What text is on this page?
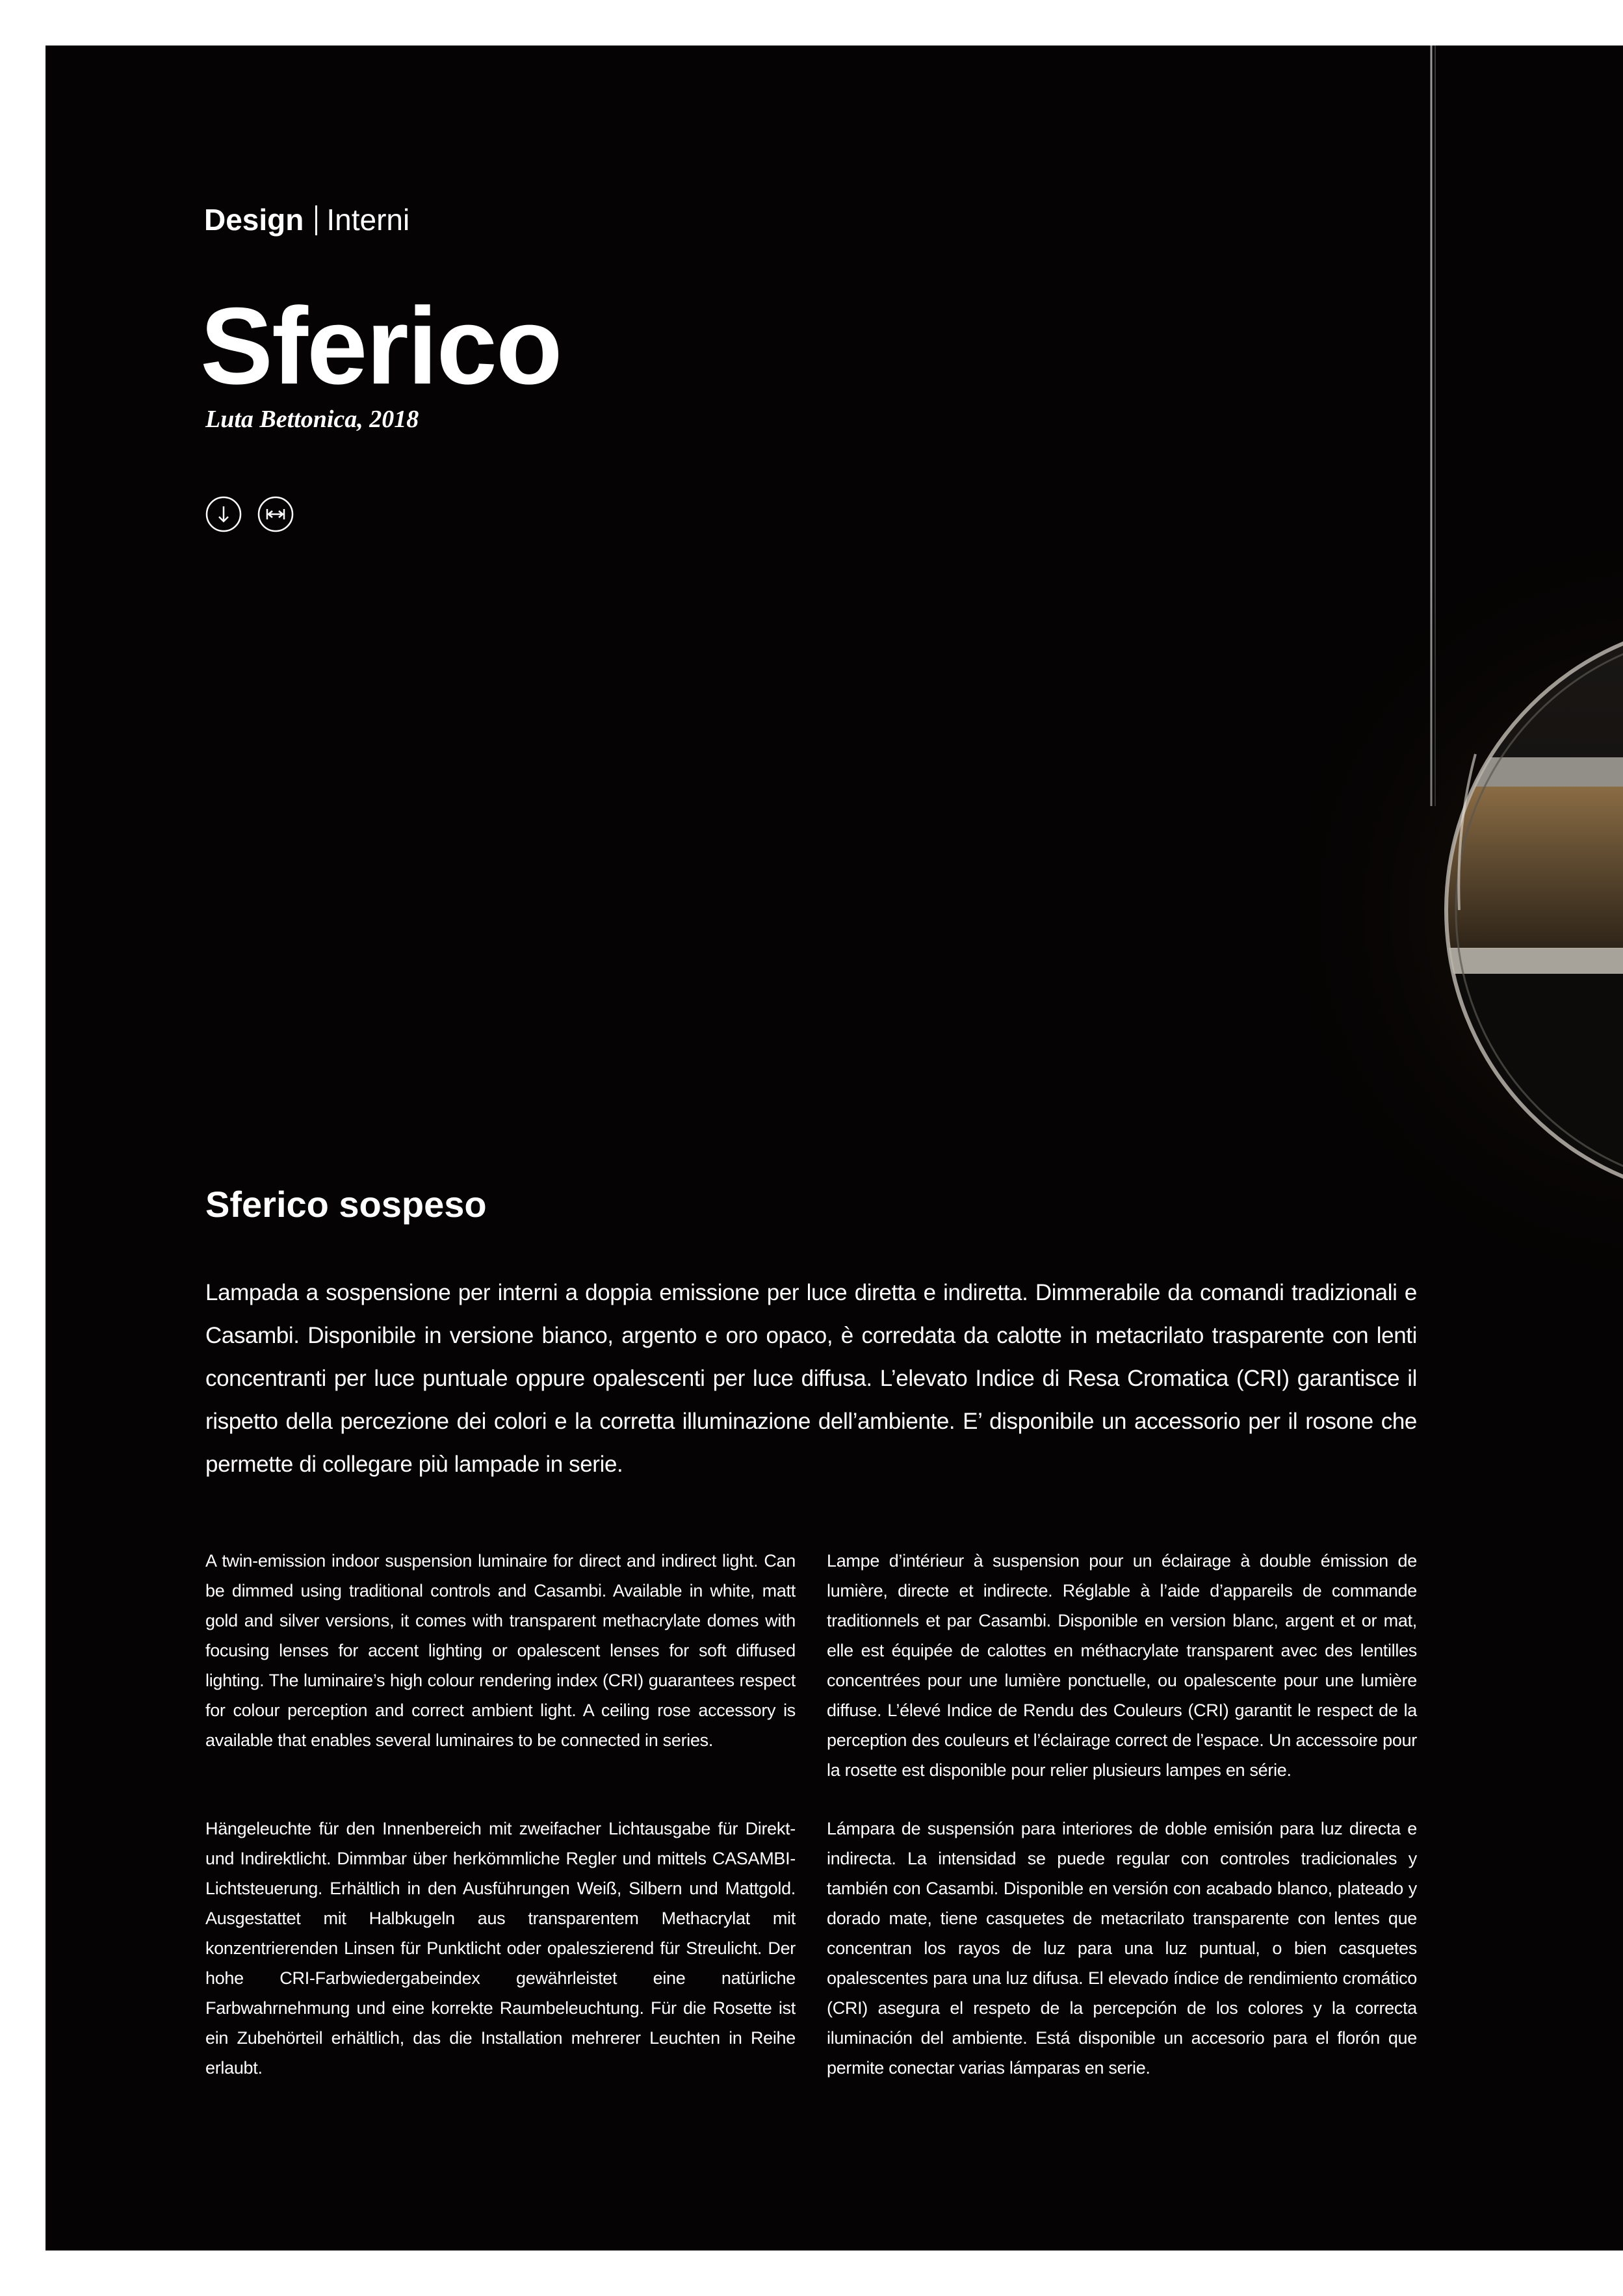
Design Interni
Sferico
Luta Bettonica, 2018
Sferico sospeso

Lampada a sospensione per interni a doppia emissione per luce diretta e indiretta. Dimmerabile da comandi tradizionali e Casambi. Disponibile in versione bianco, argento e oro opaco, è corredata da calotte in metacrilato trasparente con lenti concentranti per luce puntuale oppure opalescenti per luce diffusa. L’elevato Indice di Resa Cromatica (CRI) garantisce il rispetto della percezione dei colori e la corretta illuminazione dell’ambiente. E’ disponibile un accessorio per il rosone che permette di collegare più lampade in serie.

A twin-emission indoor suspension luminaire for direct and indirect light. Can be dimmed using traditional controls and Casambi. Available in white, matt gold and silver versions, it comes with transparent methacrylate domes with focusing lenses for accent lighting or opalescent lenses for soft diffused lighting. The luminaire’s high colour rendering index (CRI) guarantees respect for colour perception and correct ambient light. A ceiling rose accessory is available that enables several luminaires to be connected in series.

Lampe d’intérieur à suspension pour un éclairage à double émission de lumière, directe et indirecte. Réglable à l’aide d’appareils de commande traditionnels et par Casambi. Disponible en version blanc, argent et or mat, elle est équipée de calottes en méthacrylate transparent avec des lentilles concentrées pour une lumière ponctuelle, ou opalescente pour une lumière diffuse. L’élevé Indice de Rendu des Couleurs (CRI) garantit le respect de la perception des couleurs et l’éclairage correct de l’espace. Un accessoire pour la rosette est disponible pour relier plusieurs lampes en série.

Hängeleuchte für den Innenbereich mit zweifacher Lichtausgabe für Direkt- und Indirektlicht. Dimmbar über herkömmliche Regler und mittels CASAMBI-Lichtsteuerung. Erhältlich in den Ausführungen Weiß, Silbern und Mattgold. Ausgestattet mit Halbkugeln aus transparentem Methacrylat mit konzentrierenden Linsen für Punktlicht oder opaleszierend für Streulicht. Der hohe CRI-Farbwiedergabeindex gewährleistet eine natürliche Farbwahrnehmung und eine korrekte Raumbeleuchtung. Für die Rosette ist ein Zubehörteil erhältlich, das die Installation mehrerer Leuchten in Reihe erlaubt.

Lámpara de suspensión para interiores de doble emisión para luz directa e indirecta. La intensidad se puede regular con controles tradicionales y también con Casambi. Disponible en versión con acabado blanco, plateado y dorado mate, tiene casquetes de metacrilato transparente con lentes que concentran los rayos de luz para una luz puntual, o bien casquetes opalescentes para una luz difusa. El elevado índice de rendimiento cromático (CRI) asegura el respeto de la percepción de los colores y la correcta iluminación del ambiente. Está disponible un accesorio para el florón que permite conectar varias lámparas en serie.
